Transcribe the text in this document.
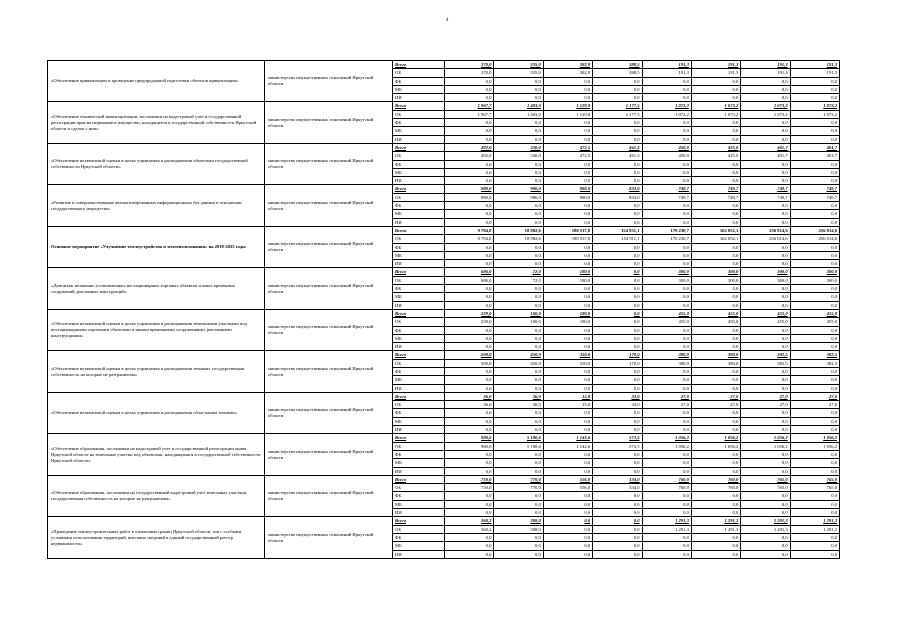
4
«Обеспечение приватизации и проведение предпродажной подготовки объектов приватизации»	министерство имущественных отношений Иркутской области	Всего	370,0	335,0	382,9	388,5	191,3	191,3	191,3	191,3
		ОБ	370,0	335,0	382,9	388,5	191,3	191,3	191,3	191,3
		ФБ	0,0	0,0	0,0	0,0	0,0	0,0	0,0	0,0
		МБ	0,0	0,0	0,0	0,0	0,0	0,0	0,0	0,0
		ИИ	0,0	0,0	0,0	0,0	0,0	0,0	0,0	0,0
«Обеспечение технической инвентаризации, постановки на кадастровый учет и государственной регистрации прав на недвижимое имущество, находящееся в государственной собственности Иркутской области и сделок с ним»	министерство имущественных отношений Иркутской области	Всего	1 967,7	1 403,0	1 129,8	1 177,5	1 073,2	1 073,2	1 073,2	1 073,2
		ОБ	1 967,7	1 403,0	1 129,8	1 177,5	1 073,2	1 073,2	1 073,2	1 073,2
		ФБ	0,0	0,0	0,0	0,0	0,0	0,0	0,0	0,0
		МБ	0,0	0,0	0,0	0,0	0,0	0,0	0,0	0,0
		ИИ	0,0	0,0	0,0	0,0	0,0	0,0	0,0	0,0
«Обеспечение независимой оценки в целях управления и распоряжения объектами государственной собственности Иркутской области»	министерство имущественных отношений Иркутской области	Всего	492,0	330,0	472,5	461,3	450,0	425,0	401,7	401,7
		ОБ	492,0	330,0	472,5	461,3	450,0	425,0	401,7	401,7
		ФБ	0,0	0,0	0,0	0,0	0,0	0,0	0,0	0,0
		МБ	0,0	0,0	0,0	0,0	0,0	0,0	0,0	0,0
		ИИ	0,0	0,0	0,0	0,0	0,0	0,0	0,0	0,0
«Развитие и совершенствование автоматизированных информационных баз данных в отношении государственного имущества»	министерство имущественных отношений Иркутской области	Всего	980,0	980,0	980,0	833,0	749,7	749,7	749,7	749,7
		ОБ	980,0	980,0	980,0	833,0	749,7	749,7	749,7	749,7
		ФБ	0,0	0,0	0,0	0,0	0,0	0,0	0,0	0,0
		МБ	0,0	0,0	0,0	0,0	0,0	0,0	0,0	0,0
		ИИ	0,0	0,0	0,0	0,0	0,0	0,0	0,0	0,0
Основное мероприятие «Улучшение землеустройства и землепользования» на 2018-2025 годы	министерство имущественных отношений Иркутской области	Всего	9 794,8	18 982,6	180 537,8	154 931,1	170 230,7	162 052,1	256 014,6	256 014,6
		ОБ	9 794,8	18 982,6	180 537,8	154 911,1	170 230,7	162 052,1	256 014,6	256 014,6
		ФБ	0,0	0,0	0,0	0,0	0,0	0,0	0,0	0,0
		МБ	0,0	0,0	0,0	0,0	0,0	0,0	0,0	0,0
		ИИ	0,0	0,0	0,0	0,0	0,0	0,0	0,0	0,0
«Демонтаж незаконно установленных нестационарных торговых объектов и иных временных сооружений, рекламных конструкций»	министерство имущественных отношений Иркутской области	Всего	686,0	72,0	180,0	0,0	300,0	300,0	300,0	300,0
		ОБ	686,0	72,0	180,0	0,0	300,0	300,0	300,0	300,0
		ФБ	0,0	0,0	0,0	0,0	0,0	0,0	0,0	0,0
		МБ	0,0	0,0	0,0	0,0	0,0	0,0	0,0	0,0
		ИИ	0,0	0,0	0,0	0,0	0,0	0,0	0,0	0,0
«Обеспечение независимой оценки в целях управления и распоряжения земельными участками под нестационарными торговыми объектами и иными временными сооружениями, рекламными конструкциями»	министерство имущественных отношений Иркутской области	Всего	239,0	100,0	180,0	0,0	455,0	455,0	455,0	455,0
		ОБ	239,0	100,0	180,0	0,0	455,0	455,0	455,0	455,0
		ФБ	0,0	0,0	0,0	0,0	0,0	0,0	0,0	0,0
		МБ	0,0	0,0	0,0	0,0	0,0	0,0	0,0	0,0
		ИИ	0,0	0,0	0,0	0,0	0,0	0,0	0,0	0,0
«Обеспечение независимой оценки в целях управления и распоряжения землями, государственная собственность на которые не разграничена»	министерство имущественных отношений Иркутской области	Всего	500,0	450,0	350,0	170,0	380,0	380,0	382,5	382,5
		ОБ	500,0	450,0	350,0	170,0	380,0	380,0	382,5	382,5
		ФБ	0,0	0,0	0,0	0,0	0,0	0,0	0,0	0,0
		МБ	0,0	0,0	0,0	0,0	0,0	0,0	0,0	0,0
		ИИ	0,0	0,0	0,0	0,0	0,0	0,0	0,0	0,0
«Обеспечение независимой оценки в целях управления и распоряжения областными землями»	министерство имущественных отношений Иркутской области	Всего	36,0	36,0	15,0	33,0	27,0	27,0	27,0	27,0
		ОБ	36,0	36,0	15,0	33,0	27,0	27,0	27,0	27,0
		ФБ	0,0	0,0	0,0	0,0	0,0	0,0	0,0	0,0
		МБ	0,0	0,0	0,0	0,0	0,0	0,0	0,0	0,0
		ИИ	0,0	0,0	0,0	0,0	0,0	0,0	0,0	0,0
«Обеспечение образования, постановки на кадастровый учет и государственной регистрации права Иркутской области на земельные участки под объектами, находящимися в государственной собственности Иркутской области»	министерство имущественных отношений Иркутской области	Всего	980,6	5 180,6	1 142,6	573,5	1 056,2	1 056,2	1 056,2	1 056,2
		ОБ	980,6	5 180,6	1 142,6	573,5	1 056,2	1 056,2	1 056,2	1 056,2
		ФБ	0,0	0,0	0,0	0,0	0,0	0,0	0,0	0,0
		МБ	0,0	0,0	0,0	0,0	0,0	0,0	0,0	0,0
		ИИ	0,0	0,0	0,0	0,0	0,0	0,0	0,0	0,0
«Обеспечение образования, постановки на государственный кадастровый учет земельных участков, государственная собственность на которые не разграничена»	министерство имущественных отношений Иркутской области	Всего	750,0	770,0	556,0	334,0	760,0	760,0	765,0	765,0
		ОБ	750,0	770,0	556,0	334,0	760,0	760,0	765,0	765,0
		ФБ	0,0	0,0	0,0	0,0	0,0	0,0	0,0	0,0
		МБ	0,0	0,0	0,0	0,0	0,0	0,0	0,0	0,0
		ИИ	0,0	0,0	0,0	0,0	0,0	0,0	0,0	0,0
«Проведение землеустроительных работ в отношении границ Иркутской области, зон с особыми условиями использования территорий, внесение сведений в единый государственный реестр недвижимости»	министерство имущественных отношений Иркутской области	Всего	360,2	308,0	0,0	0,0	1 291,3	1 291,3	1 291,3	1 291,3
		ОБ	360,2	308,0	0,0	0,0	1 291,3	1 291,3	1 291,3	1 291,3
		ФБ	0,0	0,0	0,0	0,0	0,0	0,0	0,0	0,0
		МБ	0,0	0,0	0,0	0,0	0,0	0,0	0,0	0,0
		ИИ	0,0	0,0	0,0	0,0	0,0	0,0	0,0	0,0
